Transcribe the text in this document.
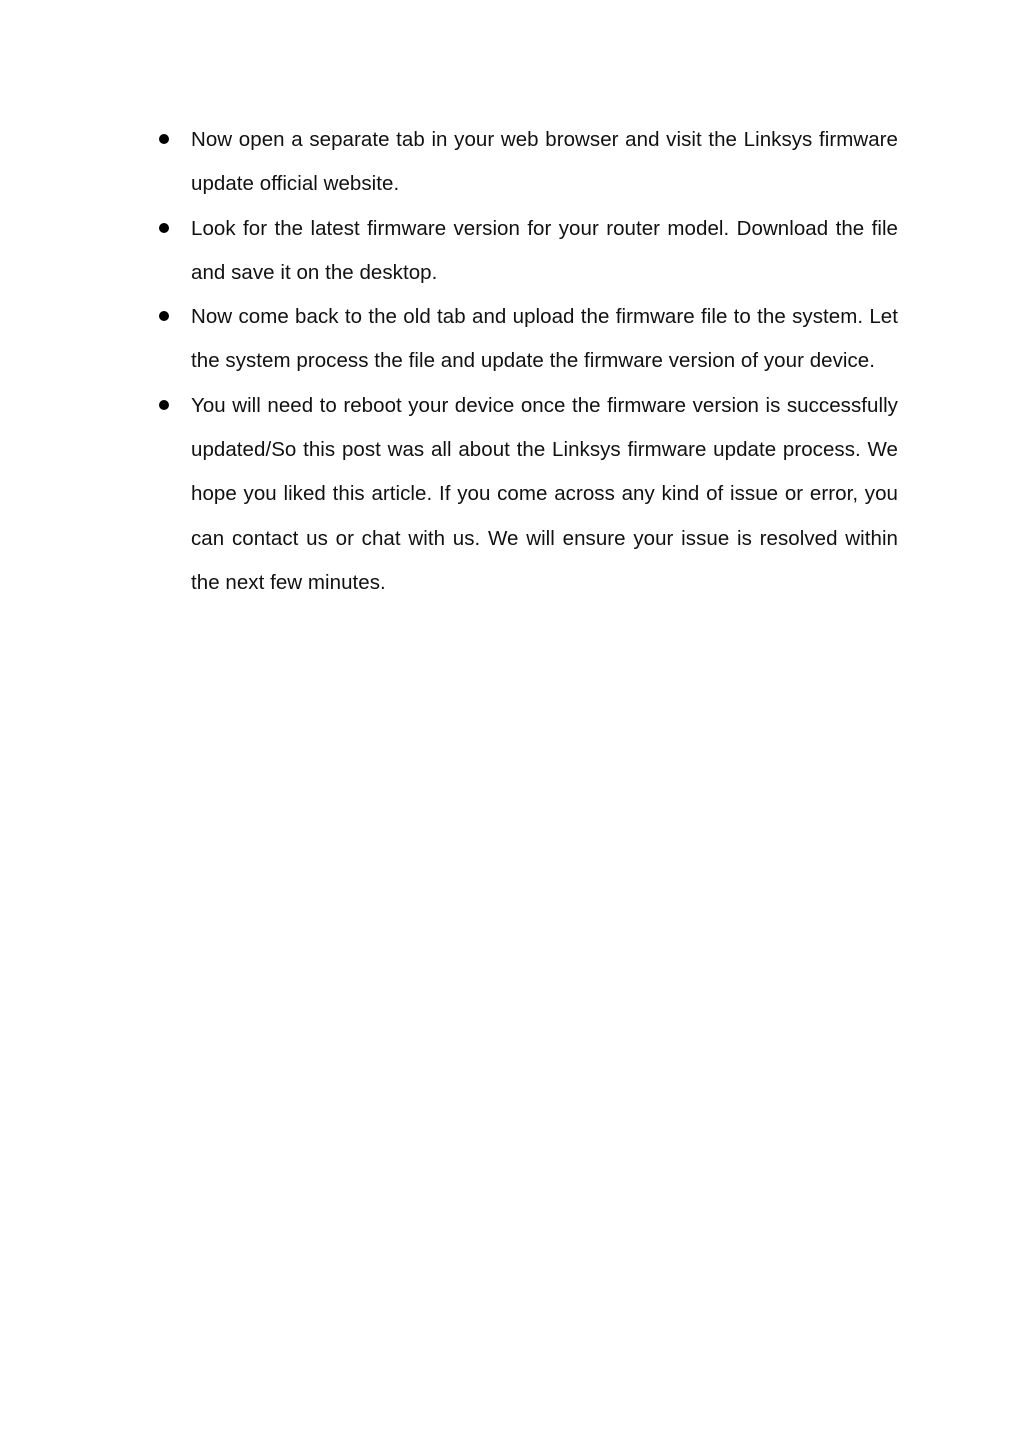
Now open a separate tab in your web browser and visit the Linksys firmware update official website.
Look for the latest firmware version for your router model. Download the file and save it on the desktop.
Now come back to the old tab and upload the firmware file to the system. Let the system process the file and update the firmware version of your device.
You will need to reboot your device once the firmware version is successfully updated/So this post was all about the Linksys firmware update process. We hope you liked this article. If you come across any kind of issue or error, you can contact us or chat with us. We will ensure your issue is resolved within the next few minutes.
